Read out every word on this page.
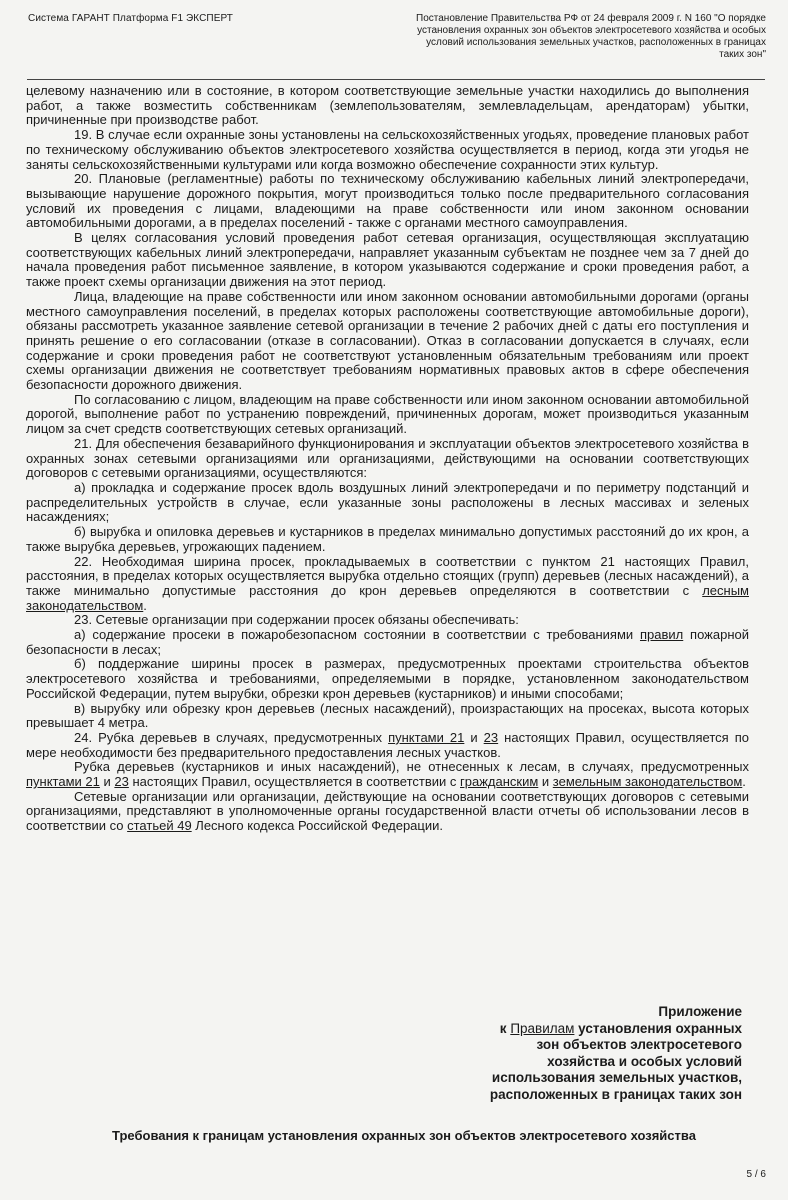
Система ГАРАНТ Платформа F1 ЭКСПЕРТ	Постановление Правительства РФ от 24 февраля 2009 г. N 160 "О порядке
установления охранных зон объектов электросетевого хозяйства и особых
условий использования земельных участков, расположенных в границах
таких зон"

целевому назначению или в состояние, в котором соответствующие земельные участки находились до выполнения работ, а также возместить собственникам (землепользователям, землевладельцам, арендаторам) убытки, причиненные при производстве работ.

19. В случае если охранные зоны установлены на сельскохозяйственных угодьях, проведение плановых работ по техническому обслуживанию объектов электросетевого хозяйства осуществляется в период, когда эти угодья не заняты сельскохозяйственными культурами или когда возможно обеспечение сохранности этих культур.

20. Плановые (регламентные) работы по техническому обслуживанию кабельных линий электропередачи, вызывающие нарушение дорожного покрытия, могут производиться только после предварительного согласования условий их проведения с лицами, владеющими на праве собственности или ином законном основании автомобильными дорогами, а в пределах поселений - также с органами местного самоуправления.

В целях согласования условий проведения работ сетевая организация, осуществляющая эксплуатацию соответствующих кабельных линий электропередачи, направляет указанным субъектам не позднее чем за 7 дней до начала проведения работ письменное заявление, в котором указываются содержание и сроки проведения работ, а также проект схемы организации движения на этот период.

Лица, владеющие на праве собственности или ином законном основании автомобильными дорогами (органы местного самоуправления поселений, в пределах которых расположены соответствующие автомобильные дороги), обязаны рассмотреть указанное заявление сетевой организации в течение 2 рабочих дней с даты его поступления и принять решение о его согласовании (отказе в согласовании). Отказ в согласовании допускается в случаях, если содержание и сроки проведения работ не соответствуют установленным обязательным требованиям или проект схемы организации движения не соответствует требованиям нормативных правовых актов в сфере обеспечения безопасности дорожного движения.

По согласованию с лицом, владеющим на праве собственности или ином законном основании автомобильной дорогой, выполнение работ по устранению повреждений, причиненных дорогам, может производиться указанным лицом за счет средств соответствующих сетевых организаций.

21. Для обеспечения безаварийного функционирования и эксплуатации объектов электросетевого хозяйства в охранных зонах сетевыми организациями или организациями, действующими на основании соответствующих договоров с сетевыми организациями, осуществляются:

а) прокладка и содержание просек вдоль воздушных линий электропередачи и по периметру подстанций и распределительных устройств в случае, если указанные зоны расположены в лесных массивах и зеленых насаждениях;

б) вырубка и опиловка деревьев и кустарников в пределах минимально допустимых расстояний до их крон, а также вырубка деревьев, угрожающих падением.

22. Необходимая ширина просек, прокладываемых в соответствии с пунктом 21 настоящих Правил, расстояния, в пределах которых осуществляется вырубка отдельно стоящих (групп) деревьев (лесных насаждений), а также минимально допустимые расстояния до крон деревьев определяются в соответствии с лесным законодательством.

23. Сетевые организации при содержании просек обязаны обеспечивать:

а) содержание просеки в пожаробезопасном состоянии в соответствии с требованиями правил пожарной безопасности в лесах;

б) поддержание ширины просек в размерах, предусмотренных проектами строительства объектов электросетевого хозяйства и требованиями, определяемыми в порядке, установленном законодательством Российской Федерации, путем вырубки, обрезки крон деревьев (кустарников) и иными способами;

в) вырубку или обрезку крон деревьев (лесных насаждений), произрастающих на просеках, высота которых превышает 4 метра.

24. Рубка деревьев в случаях, предусмотренных пунктами 21 и 23 настоящих Правил, осуществляется по мере необходимости без предварительного предоставления лесных участков.

Рубка деревьев (кустарников и иных насаждений), не отнесенных к лесам, в случаях, предусмотренных пунктами 21 и 23 настоящих Правил, осуществляется в соответствии с гражданским и земельным законодательством.

Сетевые организации или организации, действующие на основании соответствующих договоров с сетевыми организациями, представляют в уполномоченные органы государственной власти отчеты об использовании лесов в соответствии со статьей 49 Лесного кодекса Российской Федерации.

Приложение
к Правилам установления охранных
зон объектов электросетевого
хозяйства и особых условий
использования земельных участков,
расположенных в границах таких зон
Требования к границам установления охранных зон объектов электросетевого хозяйства
5 / 6
